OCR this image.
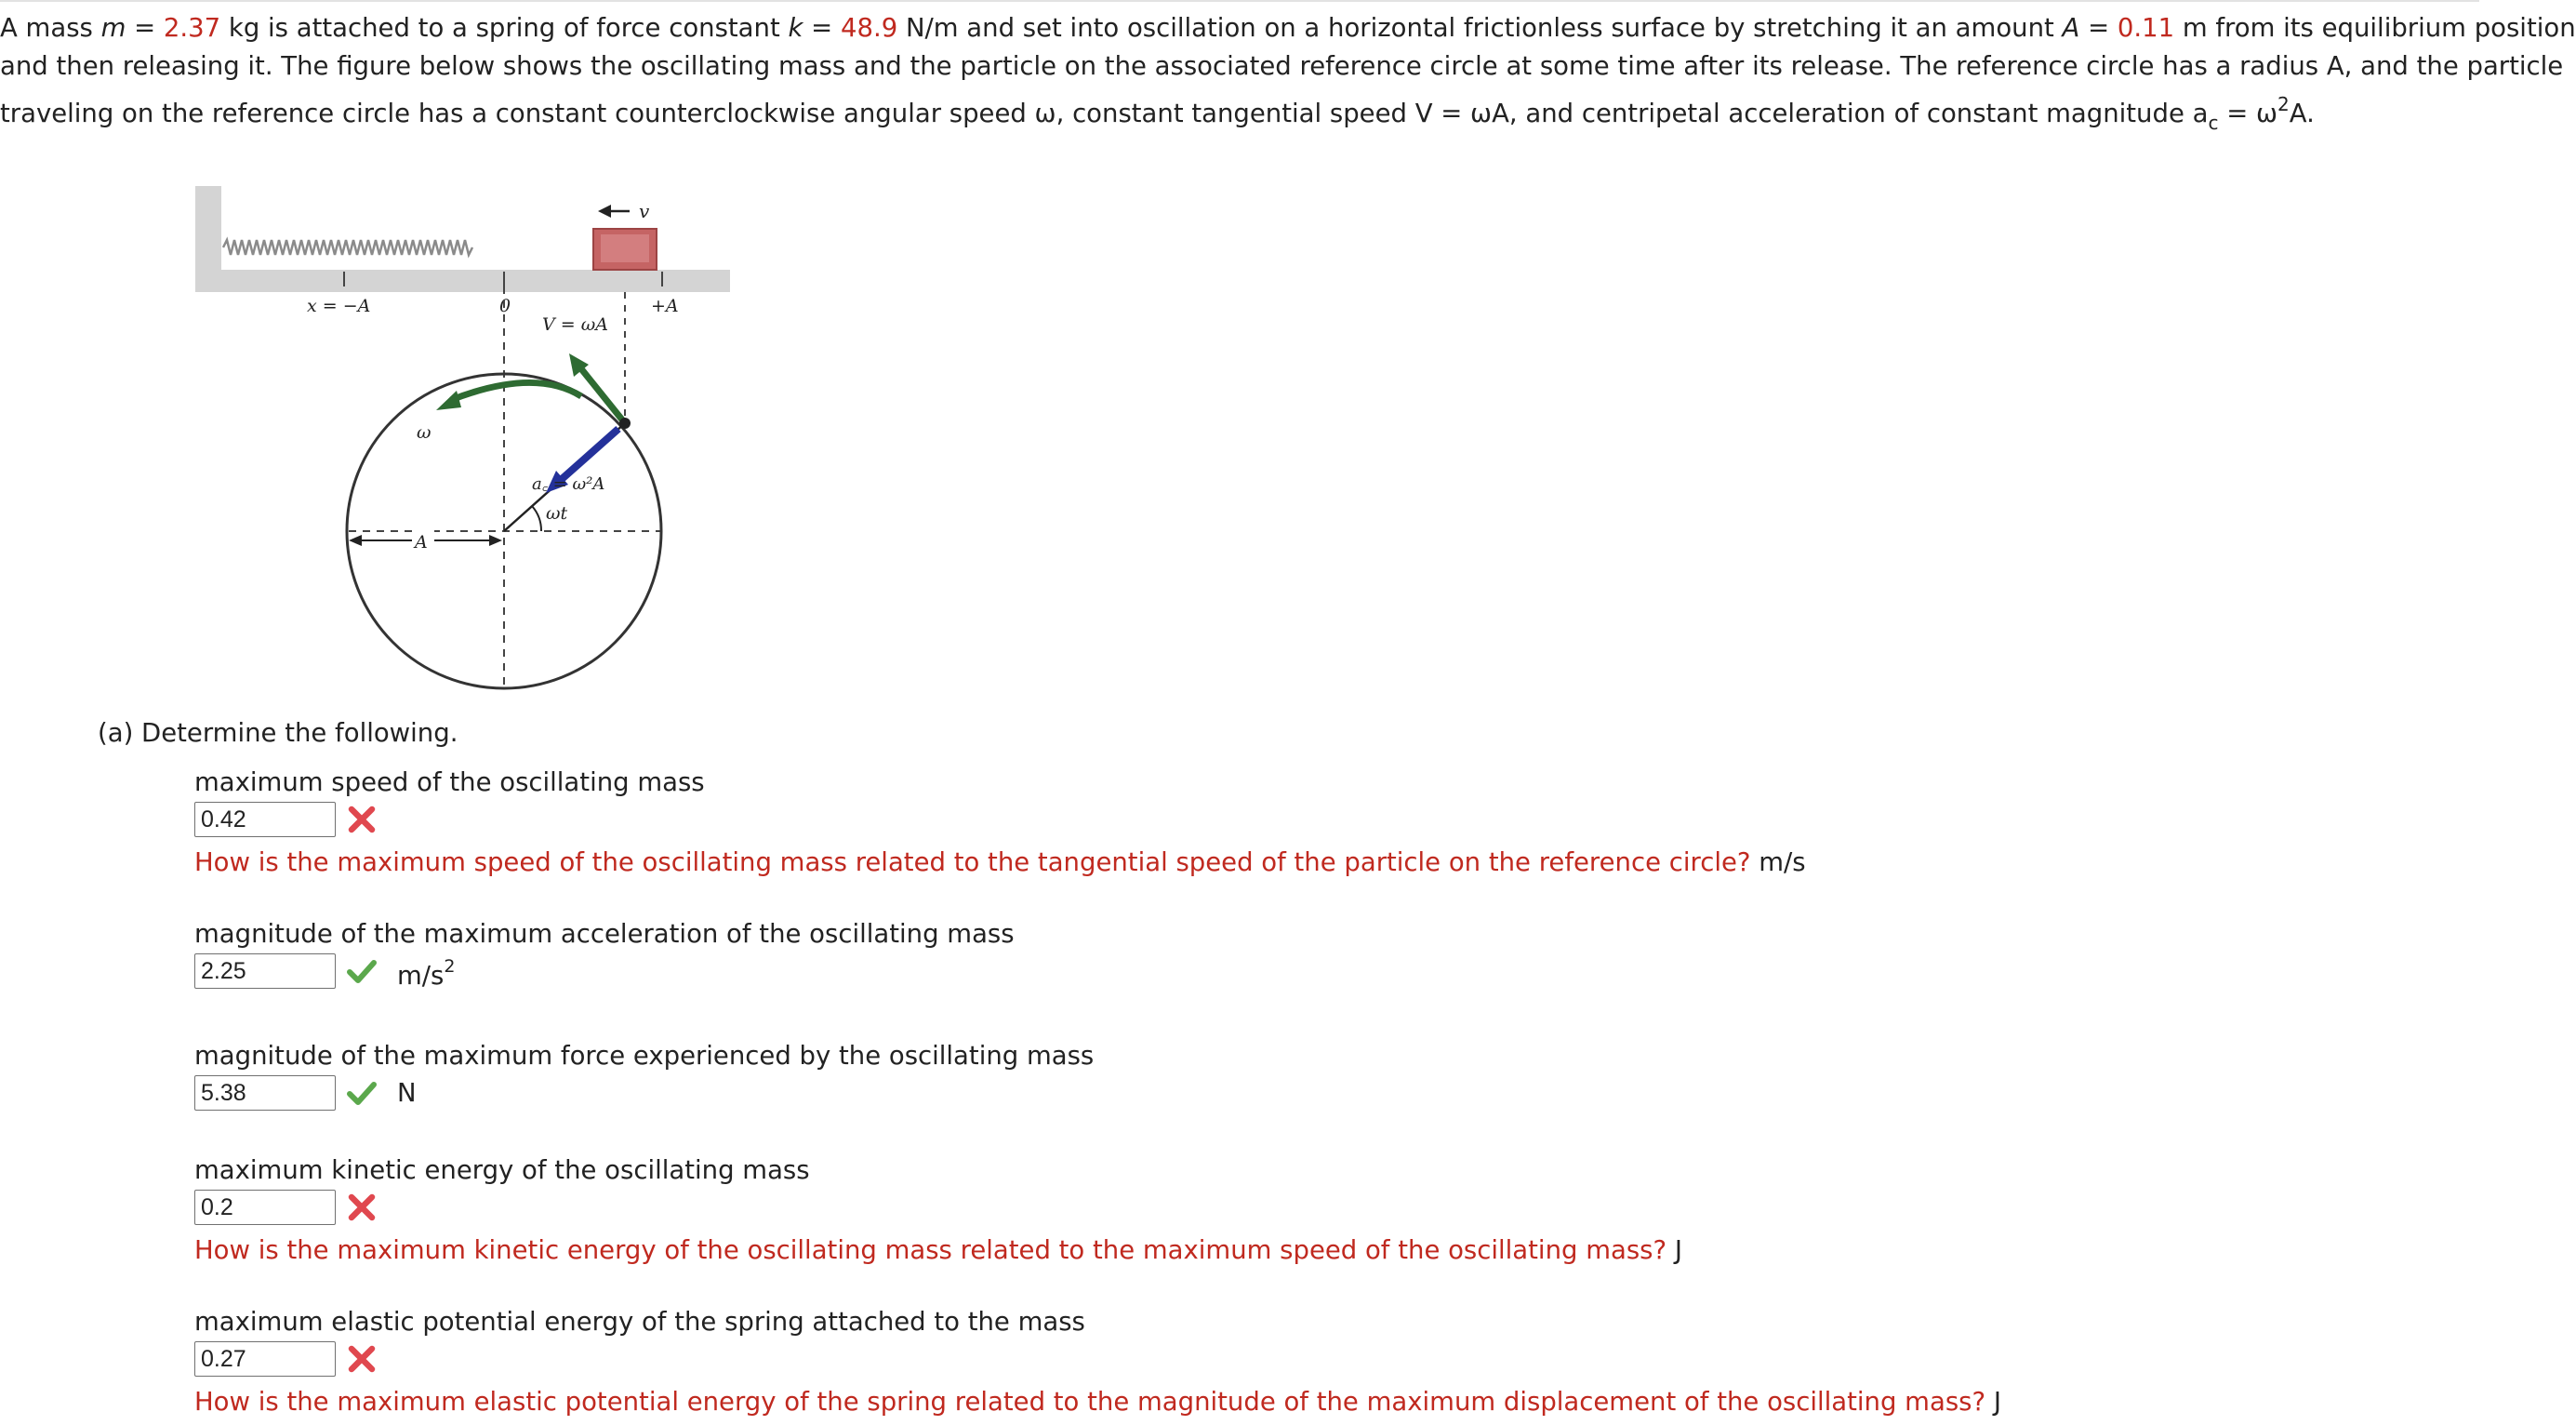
A mass m = 2.37 kg is attached to a spring of force constant k = 48.9 N/m and set into oscillation on a horizontal frictionless surface by stretching it an amount A = 0.11 m from its equilibrium position
and then releasing it. The figure below shows the oscillating mass and the particle on the associated reference circle at some time after its release. The reference circle has a radius A, and the particle
traveling on the reference circle has a constant counterclockwise angular speed ω, constant tangential speed V = ωA, and centripetal acceleration of constant magnitude $a_c = \omega^2A$.
v
x = −A	0	+A
A
ω
ωt
V = ωA
a꜀ = ω²A
(a) Determine the following.
maximum speed of the oscillating mass
0.42
How is the maximum speed of the oscillating mass related to the tangential speed of the particle on the reference circle? m/s
magnitude of the maximum acceleration of the oscillating mass
2.25	$m/s^2$
magnitude of the maximum force experienced by the oscillating mass
5.38	N
maximum kinetic energy of the oscillating mass
0.2
How is the maximum kinetic energy of the oscillating mass related to the maximum speed of the oscillating mass? J
maximum elastic potential energy of the spring attached to the mass
0.27
How is the maximum elastic potential energy of the spring related to the magnitude of the maximum displacement of the oscillating mass? J
